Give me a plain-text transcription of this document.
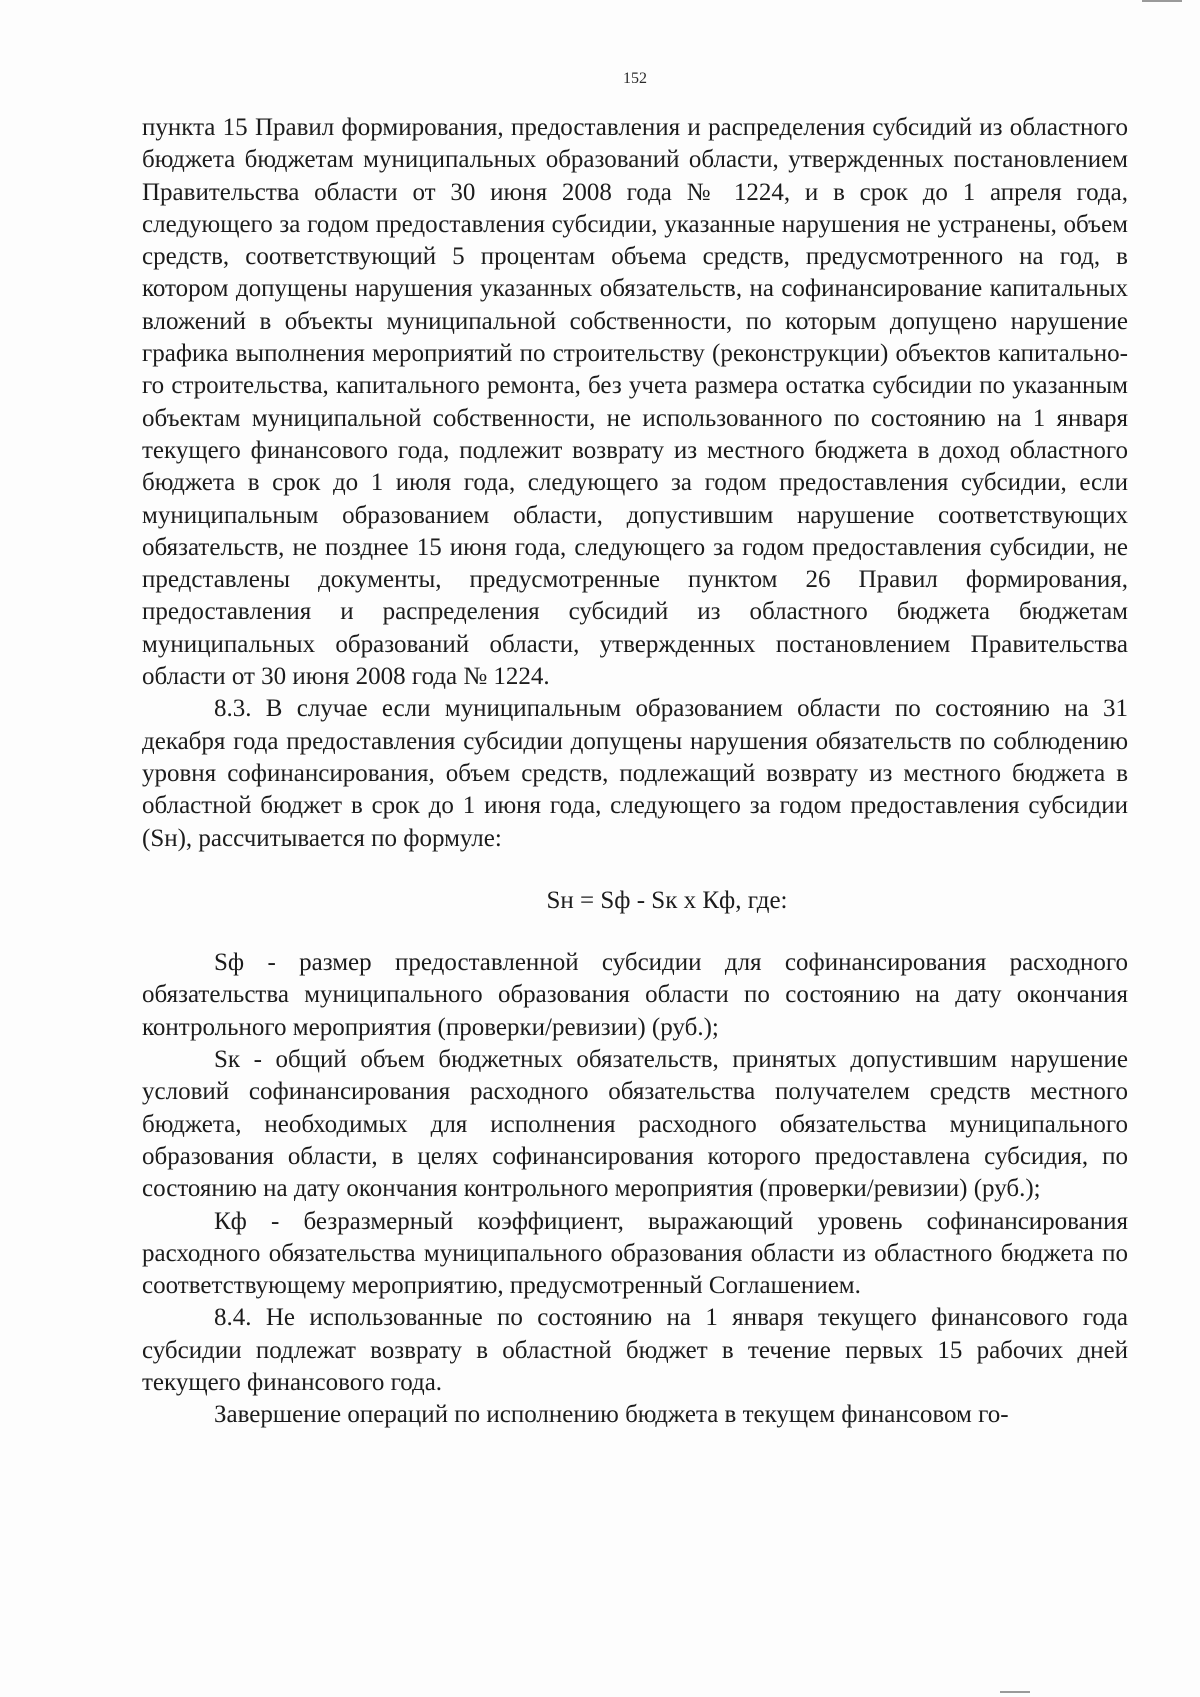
152

пункта 15 Правил формирования, предоставления и распределения субсидий из областного бюджета бюджетам муниципальных образований области, утвержденных постановлением Правительства области от 30 июня 2008 года № 1224, и в срок до 1 апреля года, следующего за годом предоставления субсидии, указанные нарушения не устранены, объем средств, соответствующий 5 процентам объема средств, предусмотренного на год, в котором допущены нарушения указанных обязательств, на софинансирование капитальных вложений в объекты муниципальной собственности, по которым допущено нарушение графика выполнения мероприятий по строительству (реконструкции) объектов капитального строительства, капитального ремонта, без учета размера остатка субсидии по указанным объектам муниципальной собственности, не использованного по состоянию на 1 января текущего финансового года, подлежит возврату из местного бюджета в доход областного бюджета в срок до 1 июля года, следующего за годом предоставления субсидии, если муниципальным образованием области, допустившим нарушение соответствующих обязательств, не позднее 15 июня года, следующего за годом предоставления субсидии, не представлены документы, предусмотренные пунктом 26 Правил формирования, предоставления и распределения субсидий из областного бюджета бюджетам муниципальных образований области, утвержденных постановлением Правительства области от 30 июня 2008 года № 1224.

8.3. В случае если муниципальным образованием области по состоянию на 31 декабря года предоставления субсидии допущены нарушения обязательств по соблюдению уровня софинансирования, объем средств, подлежащий возврату из местного бюджета в областной бюджет в срок до 1 июня года, следующего за годом предоставления субсидии (Sн), рассчитывается по формуле:

Sн = Sф - Sк х Кф, где:

Sф - размер предоставленной субсидии для софинансирования расходного обязательства муниципального образования области по состоянию на дату окончания контрольного мероприятия (проверки/ревизии) (руб.);

Sк - общий объем бюджетных обязательств, принятых допустившим нарушение условий софинансирования расходного обязательства получателем средств местного бюджета, необходимых для исполнения расходного обязательства муниципального образования области, в целях софинансирования которого предоставлена субсидия, по состоянию на дату окончания контрольного мероприятия (проверки/ревизии) (руб.);

Кф - безразмерный коэффициент, выражающий уровень софинансирования расходного обязательства муниципального образования области из областного бюджета по соответствующему мероприятию, предусмотренный Соглашением.

8.4. Не использованные по состоянию на 1 января текущего финансового года субсидии подлежат возврату в областной бюджет в течение первых 15 рабочих дней текущего финансового года.

Завершение операций по исполнению бюджета в текущем финансовом го-
